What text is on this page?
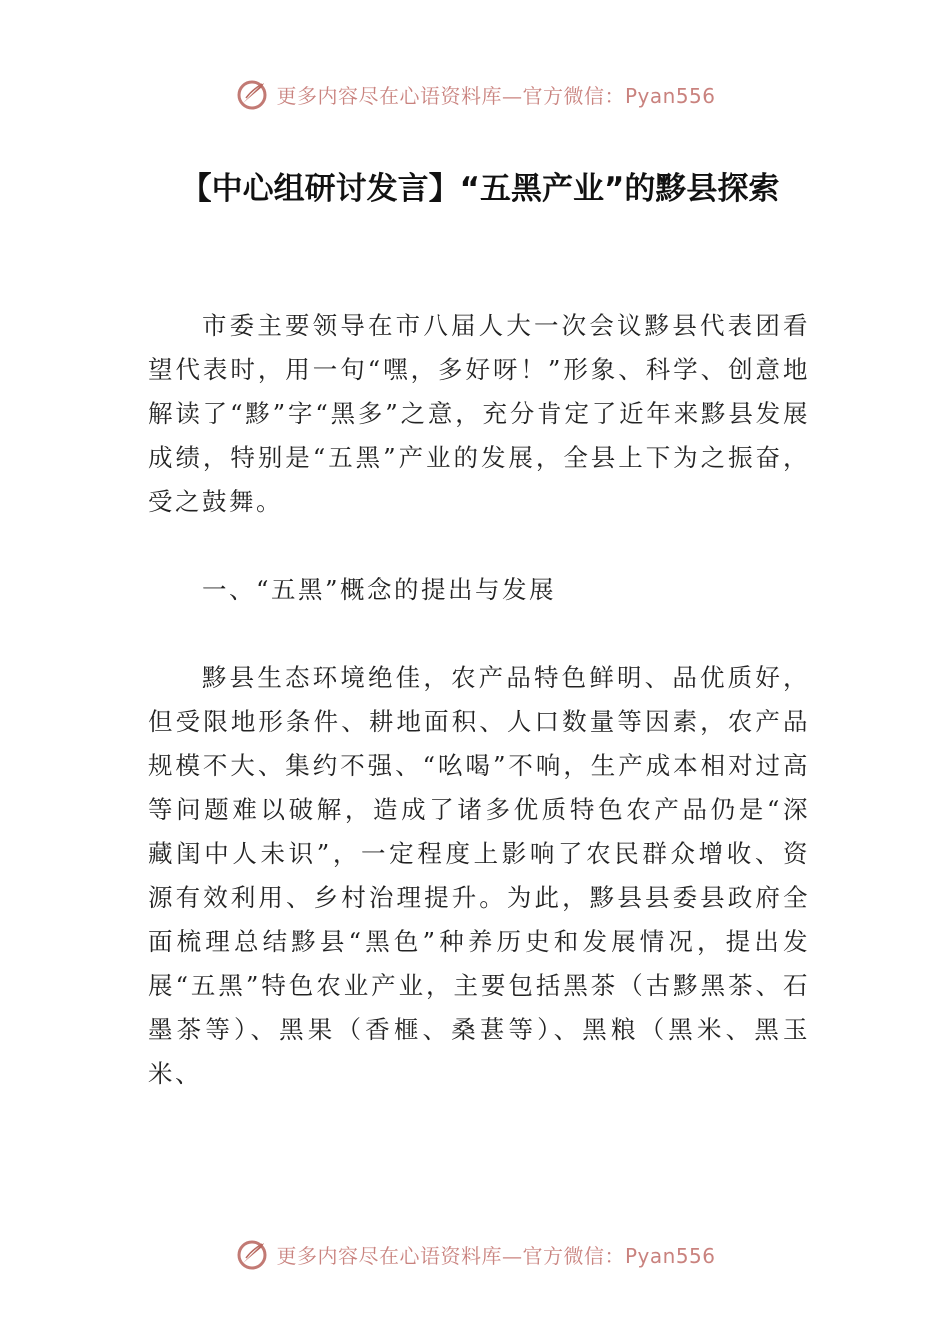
更多内容尽在心语资料库—官方微信：Pyan556
【中心组研讨发言】“五黑产业”的黟县探索

市委主要领导在市八届人大一次会议黟县代表团看望代表时，用一句“嘿，多好呀！”形象、科学、创意地解读了“黟”字“黑多”之意，充分肯定了近年来黟县发展成绩，特别是“五黑”产业的发展，全县上下为之振奋，受之鼓舞。

一、“五黑”概念的提出与发展

黟县生态环境绝佳，农产品特色鲜明、品优质好，但受限地形条件、耕地面积、人口数量等因素，农产品规模不大、集约不强、“吆喝”不响，生产成本相对过高等问题难以破解，造成了诸多优质特色农产品仍是“深藏闺中人未识”，一定程度上影响了农民群众增收、资源有效利用、乡村治理提升。为此，黟县县委县政府全面梳理总结黟县“黑色”种养历史和发展情况，提出发展“五黑”特色农业产业，主要包括黑茶（古黟黑茶、石墨茶等）、黑果（香榧、桑葚等）、黑粮（黑米、黑玉米、

更多内容尽在心语资料库—官方微信：Pyan556
